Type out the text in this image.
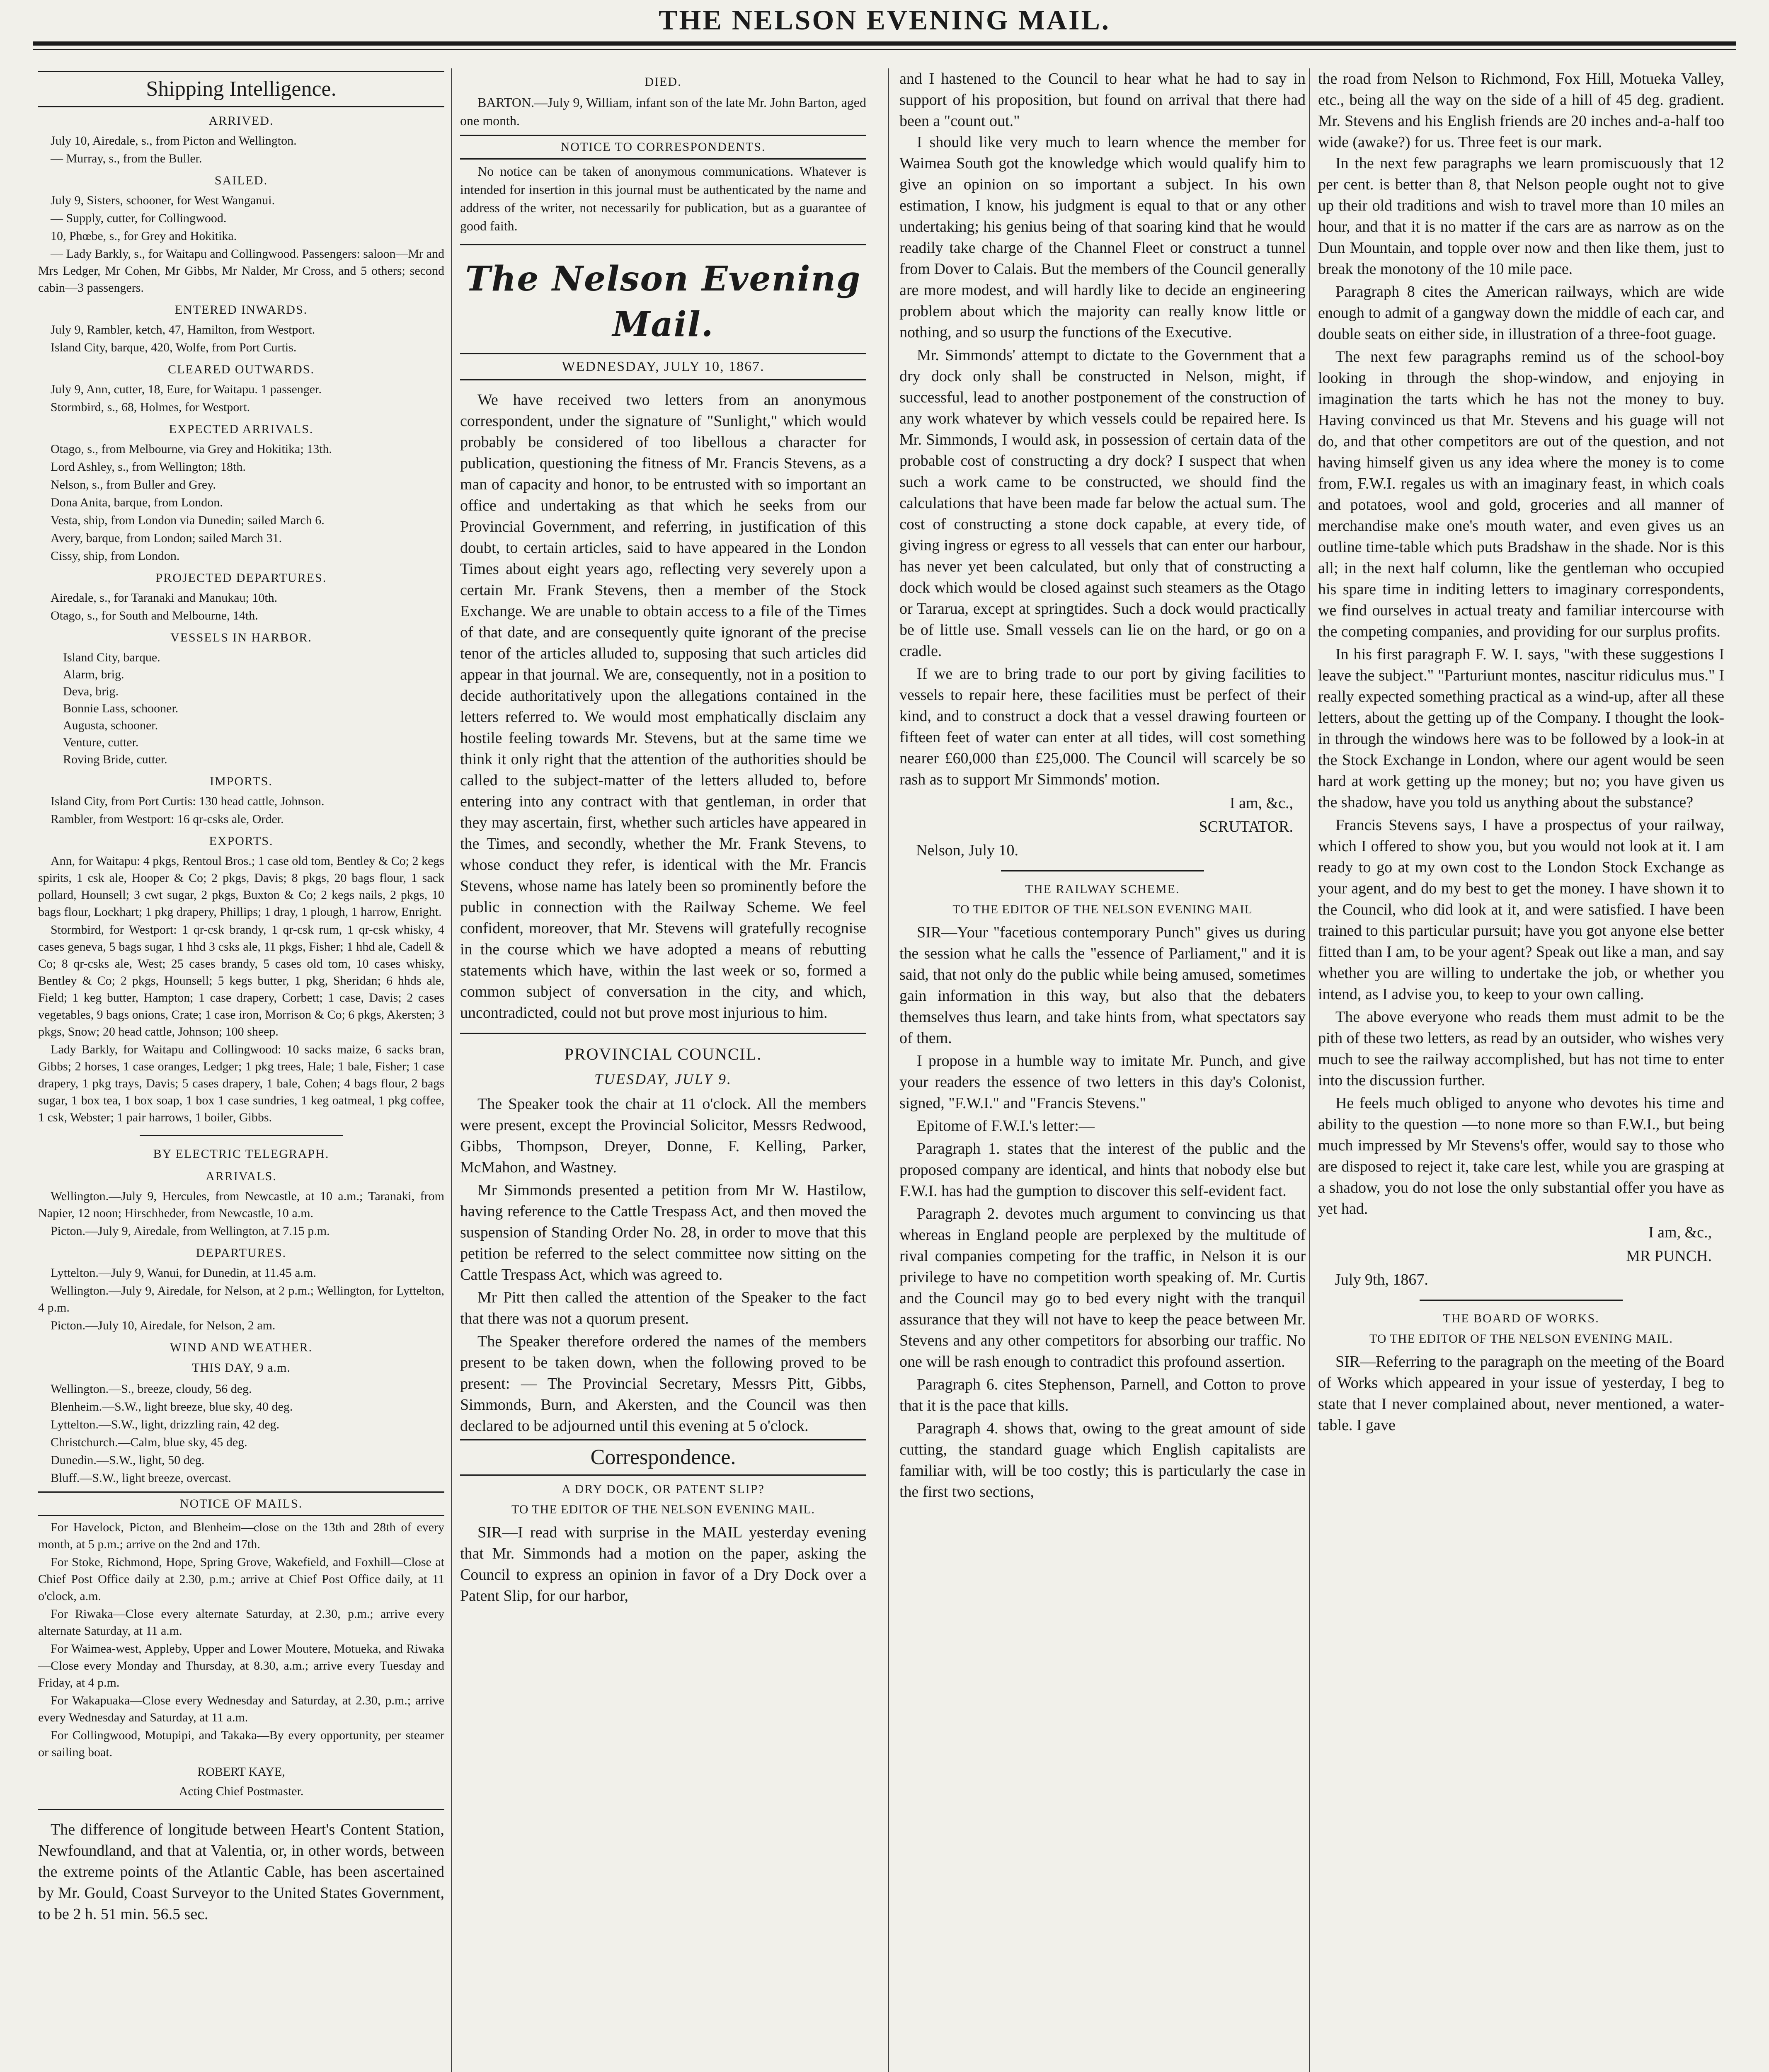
THE NELSON EVENING MAIL.
Shipping Intelligence.
ARRIVED.

July 10, Airedale, s., from Picton and Wellington.

— Murray, s., from the Buller.

SAILED.

July 9, Sisters, schooner, for West Wanganui.

— Supply, cutter, for Collingwood.

10, Phœbe, s., for Grey and Hokitika.

— Lady Barkly, s., for Waitapu and Collingwood. Passengers: saloon—Mr and Mrs Ledger, Mr Cohen, Mr Gibbs, Mr Nalder, Mr Cross, and 5 others; second cabin—3 passengers.

ENTERED INWARDS.

July 9, Rambler, ketch, 47, Hamilton, from Westport.

Island City, barque, 420, Wolfe, from Port Curtis.

CLEARED OUTWARDS.

July 9, Ann, cutter, 18, Eure, for Waitapu. 1 passenger.

Stormbird, s., 68, Holmes, for Westport.

EXPECTED ARRIVALS.

Otago, s., from Melbourne, via Grey and Hokitika; 13th.

Lord Ashley, s., from Wellington; 18th.

Nelson, s., from Buller and Grey.

Dona Anita, barque, from London.

Vesta, ship, from London via Dunedin; sailed March 6.

Avery, barque, from London; sailed March 31.

Cissy, ship, from London.

PROJECTED DEPARTURES.

Airedale, s., for Taranaki and Manukau; 10th.

Otago, s., for South and Melbourne, 14th.

VESSELS IN HARBOR.
Island City, barque.
Alarm, brig.
Deva, brig.
Bonnie Lass, schooner.
Augusta, schooner.
Venture, cutter.
Roving Bride, cutter.
IMPORTS.

Island City, from Port Curtis: 130 head cattle, Johnson.

Rambler, from Westport: 16 qr-csks ale, Order.

EXPORTS.

Ann, for Waitapu: 4 pkgs, Rentoul Bros.; 1 case old tom, Bentley & Co; 2 kegs spirits, 1 csk ale, Hooper & Co; 2 pkgs, Davis; 8 pkgs, 20 bags flour, 1 sack pollard, Hounsell; 3 cwt sugar, 2 pkgs, Buxton & Co; 2 kegs nails, 2 pkgs, 10 bags flour, Lockhart; 1 pkg drapery, Phillips; 1 dray, 1 plough, 1 harrow, Enright.

Stormbird, for Westport: 1 qr-csk brandy, 1 qr-csk rum, 1 qr-csk whisky, 4 cases geneva, 5 bags sugar, 1 hhd 3 csks ale, 11 pkgs, Fisher; 1 hhd ale, Cadell & Co; 8 qr-csks ale, West; 25 cases brandy, 5 cases old tom, 10 cases whisky, Bentley & Co; 2 pkgs, Hounsell; 5 kegs butter, 1 pkg, Sheridan; 6 hhds ale, Field; 1 keg butter, Hampton; 1 case drapery, Corbett; 1 case, Davis; 2 cases vegetables, 9 bags onions, Crate; 1 case iron, Morrison & Co; 6 pkgs, Akersten; 3 pkgs, Snow; 20 head cattle, Johnson; 100 sheep.

Lady Barkly, for Waitapu and Collingwood: 10 sacks maize, 6 sacks bran, Gibbs; 2 horses, 1 case oranges, Ledger; 1 pkg trees, Hale; 1 bale, Fisher; 1 case drapery, 1 pkg trays, Davis; 5 cases drapery, 1 bale, Cohen; 4 bags flour, 2 bags sugar, 1 box tea, 1 box soap, 1 box 1 case sundries, 1 keg oatmeal, 1 pkg coffee, 1 csk, Webster; 1 pair harrows, 1 boiler, Gibbs.

BY ELECTRIC TELEGRAPH.
ARRIVALS.

Wellington.—July 9, Hercules, from Newcastle, at 10 a.m.; Taranaki, from Napier, 12 noon; Hirschheder, from Newcastle, 10 a.m.

Picton.—July 9, Airedale, from Wellington, at 7.15 p.m.

DEPARTURES.

Lyttelton.—July 9, Wanui, for Dunedin, at 11.45 a.m.

Wellington.—July 9, Airedale, for Nelson, at 2 p.m.; Wellington, for Lyttelton, 4 p.m.

Picton.—July 10, Airedale, for Nelson, 2 am.

WIND AND WEATHER.
THIS DAY, 9 a.m.

Wellington.—S., breeze, cloudy, 56 deg.

Blenheim.—S.W., light breeze, blue sky, 40 deg.

Lyttelton.—S.W., light, drizzling rain, 42 deg.

Christchurch.—Calm, blue sky, 45 deg.

Dunedin.—S.W., light, 50 deg.

Bluff.—S.W., light breeze, overcast.

NOTICE OF MAILS.

For Havelock, Picton, and Blenheim—close on the 13th and 28th of every month, at 5 p.m.; arrive on the 2nd and 17th.

For Stoke, Richmond, Hope, Spring Grove, Wakefield, and Foxhill—Close at Chief Post Office daily at 2.30, p.m.; arrive at Chief Post Office daily, at 11 o'clock, a.m.

For Riwaka—Close every alternate Saturday, at 2.30, p.m.; arrive every alternate Saturday, at 11 a.m.

For Waimea-west, Appleby, Upper and Lower Moutere, Motueka, and Riwaka—Close every Monday and Thursday, at 8.30, a.m.; arrive every Tuesday and Friday, at 4 p.m.

For Wakapuaka—Close every Wednesday and Saturday, at 2.30, p.m.; arrive every Wednesday and Saturday, at 11 a.m.

For Collingwood, Motupipi, and Takaka—By every opportunity, per steamer or sailing boat.

ROBERT KAYE,
Acting Chief Postmaster.

The difference of longitude between Heart's Content Station, Newfoundland, and that at Valentia, or, in other words, between the extreme points of the Atlantic Cable, has been ascertained by Mr. Gould, Coast Surveyor to the United States Government, to be 2 h. 51 min. 56.5 sec.

DIED.

BARTON.—July 9, William, infant son of the late Mr. John Barton, aged one month.

NOTICE TO CORRESPONDENTS.

No notice can be taken of anonymous communications. Whatever is intended for insertion in this journal must be authenticated by the name and address of the writer, not necessarily for publication, but as a guarantee of good faith.

The Nelson Evening Mail.
WEDNESDAY, JULY 10, 1867.

We have received two letters from an anonymous correspondent, under the signature of "Sunlight," which would probably be considered of too libellous a character for publication, questioning the fitness of Mr. Francis Stevens, as a man of capacity and honor, to be entrusted with so important an office and undertaking as that which he seeks from our Provincial Government, and referring, in justification of this doubt, to certain articles, said to have appeared in the London Times about eight years ago, reflecting very severely upon a certain Mr. Frank Stevens, then a member of the Stock Exchange. We are unable to obtain access to a file of the Times of that date, and are consequently quite ignorant of the precise tenor of the articles alluded to, supposing that such articles did appear in that journal. We are, consequently, not in a position to decide authoritatively upon the allegations contained in the letters referred to. We would most emphatically disclaim any hostile feeling towards Mr. Stevens, but at the same time we think it only right that the attention of the authorities should be called to the subject-matter of the letters alluded to, before entering into any contract with that gentleman, in order that they may ascertain, first, whether such articles have appeared in the Times, and secondly, whether the Mr. Frank Stevens, to whose conduct they refer, is identical with the Mr. Francis Stevens, whose name has lately been so prominently before the public in connection with the Railway Scheme. We feel confident, moreover, that Mr. Stevens will gratefully recognise in the course which we have adopted a means of rebutting statements which have, within the last week or so, formed a common subject of conversation in the city, and which, uncontradicted, could not but prove most injurious to him.

PROVINCIAL COUNCIL.
TUESDAY, JULY 9.

The Speaker took the chair at 11 o'clock. All the members were present, except the Provincial Solicitor, Messrs Redwood, Gibbs, Thompson, Dreyer, Donne, F. Kelling, Parker, McMahon, and Wastney.

Mr Simmonds presented a petition from Mr W. Hastilow, having reference to the Cattle Trespass Act, and then moved the suspension of Standing Order No. 28, in order to move that this petition be referred to the select committee now sitting on the Cattle Trespass Act, which was agreed to.

Mr Pitt then called the attention of the Speaker to the fact that there was not a quorum present.

The Speaker therefore ordered the names of the members present to be taken down, when the following proved to be present: — The Provincial Secretary, Messrs Pitt, Gibbs, Simmonds, Burn, and Akersten, and the Council was then declared to be adjourned until this evening at 5 o'clock.

Correspondence.
A DRY DOCK, OR PATENT SLIP?
TO THE EDITOR OF THE NELSON EVENING MAIL.

SIR—I read with surprise in the MAIL yesterday evening that Mr. Simmonds had a motion on the paper, asking the Council to express an opinion in favor of a Dry Dock over a Patent Slip, for our harbor,

and I hastened to the Council to hear what he had to say in support of his proposition, but found on arrival that there had been a "count out."

I should like very much to learn whence the member for Waimea South got the knowledge which would qualify him to give an opinion on so important a subject. In his own estimation, I know, his judgment is equal to that or any other undertaking; his genius being of that soaring kind that he would readily take charge of the Channel Fleet or construct a tunnel from Dover to Calais. But the members of the Council generally are more modest, and will hardly like to decide an engineering problem about which the majority can really know little or nothing, and so usurp the functions of the Executive.

Mr. Simmonds' attempt to dictate to the Government that a dry dock only shall be constructed in Nelson, might, if successful, lead to another postponement of the construction of any work whatever by which vessels could be repaired here. Is Mr. Simmonds, I would ask, in possession of certain data of the probable cost of constructing a dry dock? I suspect that when such a work came to be constructed, we should find the calculations that have been made far below the actual sum. The cost of constructing a stone dock capable, at every tide, of giving ingress or egress to all vessels that can enter our harbour, has never yet been calculated, but only that of constructing a dock which would be closed against such steamers as the Otago or Tararua, except at springtides. Such a dock would practically be of little use. Small vessels can lie on the hard, or go on a cradle.

If we are to bring trade to our port by giving facilities to vessels to repair here, these facilities must be perfect of their kind, and to construct a dock that a vessel drawing fourteen or fifteen feet of water can enter at all tides, will cost something nearer £60,000 than £25,000. The Council will scarcely be so rash as to support Mr Simmonds' motion.

I am, &c.,
SCRUTATOR.
Nelson, July 10.
THE RAILWAY SCHEME.
TO THE EDITOR OF THE NELSON EVENING MAIL

SIR—Your "facetious contemporary Punch" gives us during the session what he calls the "essence of Parliament," and it is said, that not only do the public while being amused, sometimes gain information in this way, but also that the debaters themselves thus learn, and take hints from, what spectators say of them.

I propose in a humble way to imitate Mr. Punch, and give your readers the essence of two letters in this day's Colonist, signed, "F.W.I." and "Francis Stevens."

Epitome of F.W.I.'s letter:—

Paragraph 1. states that the interest of the public and the proposed company are identical, and hints that nobody else but F.W.I. has had the gumption to discover this self-evident fact.

Paragraph 2. devotes much argument to convincing us that whereas in England people are perplexed by the multitude of rival companies competing for the traffic, in Nelson it is our privilege to have no competition worth speaking of. Mr. Curtis and the Council may go to bed every night with the tranquil assurance that they will not have to keep the peace between Mr. Stevens and any other competitors for absorbing our traffic. No one will be rash enough to contradict this profound assertion.

Paragraph 6. cites Stephenson, Parnell, and Cotton to prove that it is the pace that kills.

Paragraph 4. shows that, owing to the great amount of side cutting, the standard guage which English capitalists are familiar with, will be too costly; this is particularly the case in the first two sections,

the road from Nelson to Richmond, Fox Hill, Motueka Valley, etc., being all the way on the side of a hill of 45 deg. gradient. Mr. Stevens and his English friends are 20 inches and-a-half too wide (awake?) for us. Three feet is our mark.

In the next few paragraphs we learn promiscuously that 12 per cent. is better than 8, that Nelson people ought not to give up their old traditions and wish to travel more than 10 miles an hour, and that it is no matter if the cars are as narrow as on the Dun Mountain, and topple over now and then like them, just to break the monotony of the 10 mile pace.

Paragraph 8 cites the American railways, which are wide enough to admit of a gangway down the middle of each car, and double seats on either side, in illustration of a three-foot guage.

The next few paragraphs remind us of the school-boy looking in through the shop-window, and enjoying in imagination the tarts which he has not the money to buy. Having convinced us that Mr. Stevens and his guage will not do, and that other competitors are out of the question, and not having himself given us any idea where the money is to come from, F.W.I. regales us with an imaginary feast, in which coals and potatoes, wool and gold, groceries and all manner of merchandise make one's mouth water, and even gives us an outline time-table which puts Bradshaw in the shade. Nor is this all; in the next half column, like the gentleman who occupied his spare time in inditing letters to imaginary correspondents, we find ourselves in actual treaty and familiar intercourse with the competing companies, and providing for our surplus profits.

In his first paragraph F. W. I. says, "with these suggestions I leave the subject." "Parturiunt montes, nascitur ridiculus mus." I really expected something practical as a wind-up, after all these letters, about the getting up of the Company. I thought the look-in through the windows here was to be followed by a look-in at the Stock Exchange in London, where our agent would be seen hard at work getting up the money; but no; you have given us the shadow, have you told us anything about the substance?

Francis Stevens says, I have a prospectus of your railway, which I offered to show you, but you would not look at it. I am ready to go at my own cost to the London Stock Exchange as your agent, and do my best to get the money. I have shown it to the Council, who did look at it, and were satisfied. I have been trained to this particular pursuit; have you got anyone else better fitted than I am, to be your agent? Speak out like a man, and say whether you are willing to undertake the job, or whether you intend, as I advise you, to keep to your own calling.

The above everyone who reads them must admit to be the pith of these two letters, as read by an outsider, who wishes very much to see the railway accomplished, but has not time to enter into the discussion further.

He feels much obliged to anyone who devotes his time and ability to the question —to none more so than F.W.I., but being much impressed by Mr Stevens's offer, would say to those who are disposed to reject it, take care lest, while you are grasping at a shadow, you do not lose the only substantial offer you have as yet had.

I am, &c.,
MR PUNCH.
July 9th, 1867.
THE BOARD OF WORKS.
TO THE EDITOR OF THE NELSON EVENING MAIL.

SIR—Referring to the paragraph on the meeting of the Board of Works which appeared in your issue of yesterday, I beg to state that I never complained about, never mentioned, a water-table. I gave
